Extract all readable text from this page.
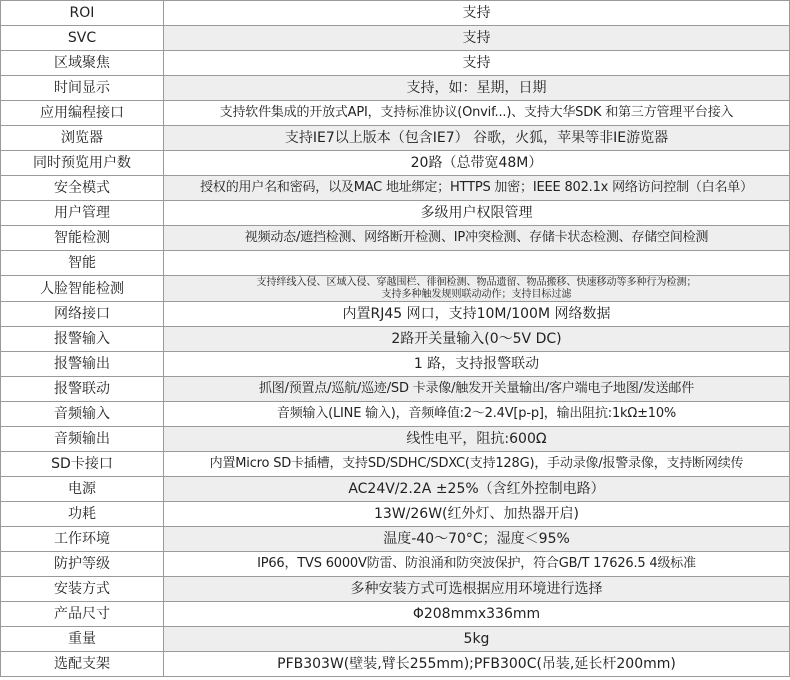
ROI	支持
SVC	支持
区域聚焦	支持
时间显示	支持，如：星期，日期
应用编程接口	支持软件集成的开放式API，支持标准协议(Onvif...)、支持大华SDK 和第三方管理平台接入
浏览器	支持IE7以上版本（包含IE7） 谷歌，火狐，苹果等非IE游览器
同时预览用户数	20路（总带宽48M）
安全模式	授权的用户名和密码，以及MAC 地址绑定；HTTPS 加密；IEEE 802.1x 网络访问控制（白名单）
用户管理	多级用户权限管理
智能检测	视频动态/遮挡检测、网络断开检测、IP冲突检测、存储卡状态检测、存储空间检测
智能	
人脸智能检测	支持绊线入侵、区域入侵、穿越围栏、徘徊检测、物品遗留、物品搬移、快速移动等多种行为检测；
支持多种触发规则联动动作；支持目标过滤

网络接口	内置RJ45 网口，支持10M/100M 网络数据
报警输入	2路开关量输入(0～5V DC)
报警输出	1 路，支持报警联动
报警联动	抓图/预置点/巡航/巡迹/SD 卡录像/触发开关量输出/客户端电子地图/发送邮件
音频输入	音频输入(LINE 输入)，音频峰值:2～2.4V[p-p]，输出阻抗:1kΩ±10%
音频输出	线性电平，阻抗:600Ω
SD卡接口	内置Micro SD卡插槽，支持SD/SDHC/SDXC(支持128G)，手动录像/报警录像，支持断网续传
电源	AC24V/2.2A ±25%（含红外控制电路）
功耗	13W/26W(红外灯、加热器开启)
工作环境	温度-40～70°C；湿度＜95%
防护等级	IP66，TVS 6000V防雷、防浪涌和防突波保护，符合GB/T 17626.5 4级标准
安装方式	多种安装方式可选根据应用环境进行选择
产品尺寸	Φ208mmx336mm
重量	5kg
选配支架	PFB303W(壁装,臂长255mm);PFB300C(吊装,延长杆200mm)
